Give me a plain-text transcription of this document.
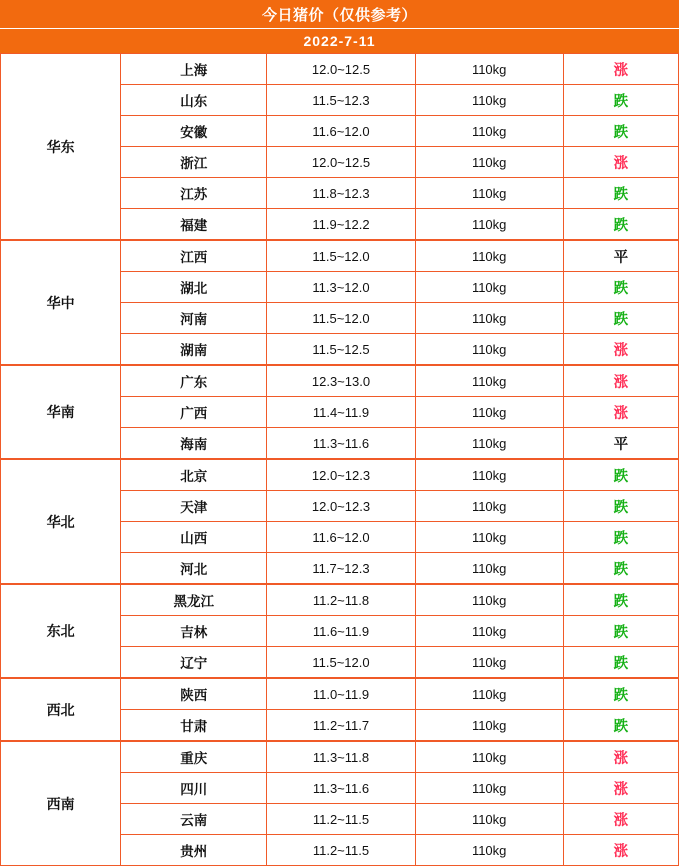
今日猪价（仅供参考）
2022-7-11
华东	上海	12.0~12.5	110kg	涨
	山东	11.5~12.3	110kg	跌
	安徽	11.6~12.0	110kg	跌
	浙江	12.0~12.5	110kg	涨
	江苏	11.8~12.3	110kg	跌
	福建	11.9~12.2	110kg	跌
华中	江西	11.5~12.0	110kg	平
	湖北	11.3~12.0	110kg	跌
	河南	11.5~12.0	110kg	跌
	湖南	11.5~12.5	110kg	涨
华南	广东	12.3~13.0	110kg	涨
	广西	11.4~11.9	110kg	涨
	海南	11.3~11.6	110kg	平
华北	北京	12.0~12.3	110kg	跌
	天津	12.0~12.3	110kg	跌
	山西	11.6~12.0	110kg	跌
	河北	11.7~12.3	110kg	跌
东北	黑龙江	11.2~11.8	110kg	跌
	吉林	11.6~11.9	110kg	跌
	辽宁	11.5~12.0	110kg	跌
西北	陕西	11.0~11.9	110kg	跌
	甘肃	11.2~11.7	110kg	跌
西南	重庆	11.3~11.8	110kg	涨
	四川	11.3~11.6	110kg	涨
	云南	11.2~11.5	110kg	涨
	贵州	11.2~11.5	110kg	涨
